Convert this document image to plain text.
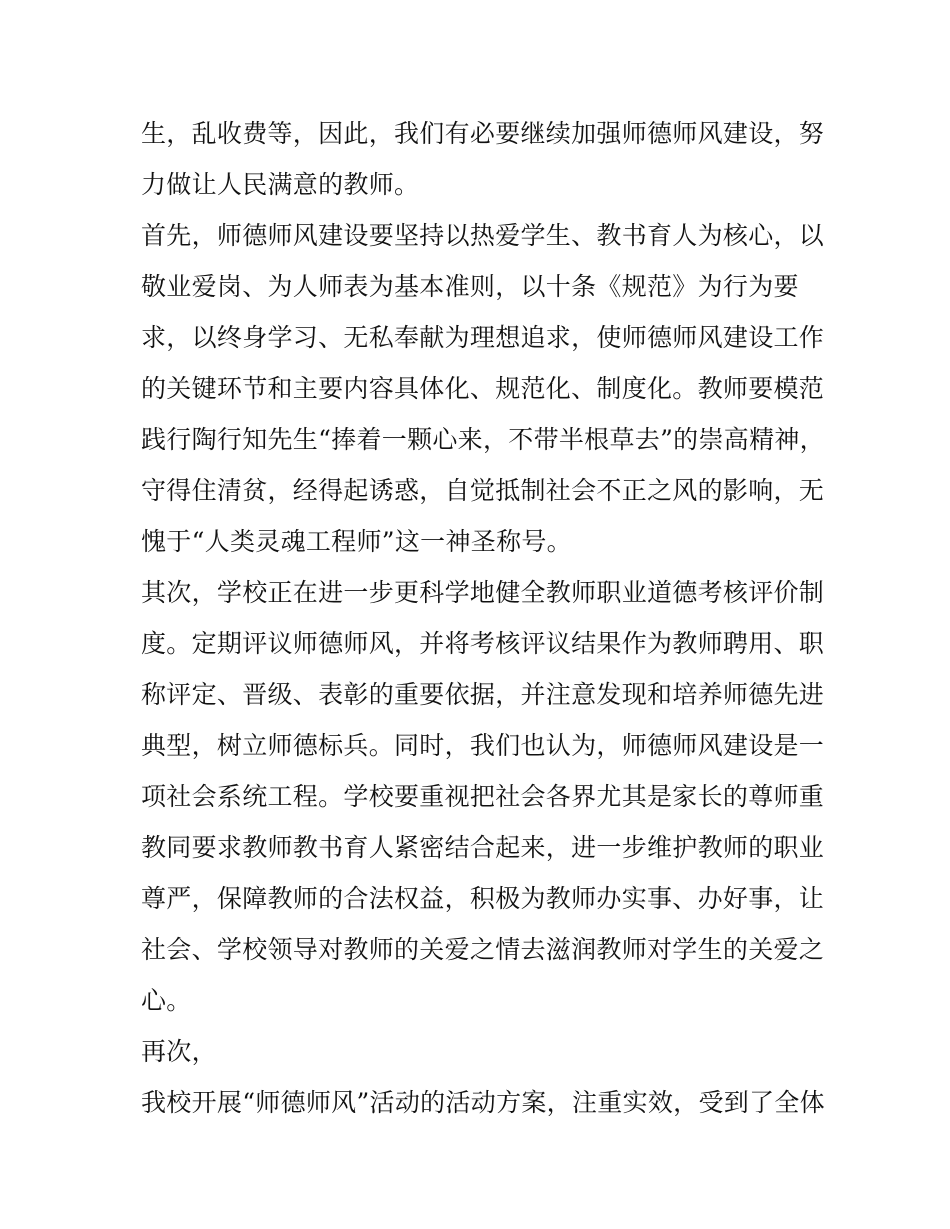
生，乱收费等，因此，我们有必要继续加强师德师风建设，努
力做让人民满意的教师。
首先，师德师风建设要坚持以热爱学生、教书育人为核心，以
敬业爱岗、为人师表为基本准则，以十条《规范》为行为要
求，以终身学习、无私奉献为理想追求，使师德师风建设工作
的关键环节和主要内容具体化、规范化、制度化。教师要模范
践行陶行知先生“捧着一颗心来，不带半根草去”的崇高精神，
守得住清贫，经得起诱惑，自觉抵制社会不正之风的影响，无
愧于“人类灵魂工程师”这一神圣称号。
其次，学校正在进一步更科学地健全教师职业道德考核评价制
度。定期评议师德师风，并将考核评议结果作为教师聘用、职
称评定、晋级、表彰的重要依据，并注意发现和培养师德先进
典型，树立师德标兵。同时，我们也认为，师德师风建设是一
项社会系统工程。学校要重视把社会各界尤其是家长的尊师重
教同要求教师教书育人紧密结合起来，进一步维护教师的职业
尊严，保障教师的合法权益，积极为教师办实事、办好事，让
社会、学校领导对教师的关爱之情去滋润教师对学生的关爱之
心。
再次，
我校开展“师德师风”活动的活动方案，注重实效，受到了全体
